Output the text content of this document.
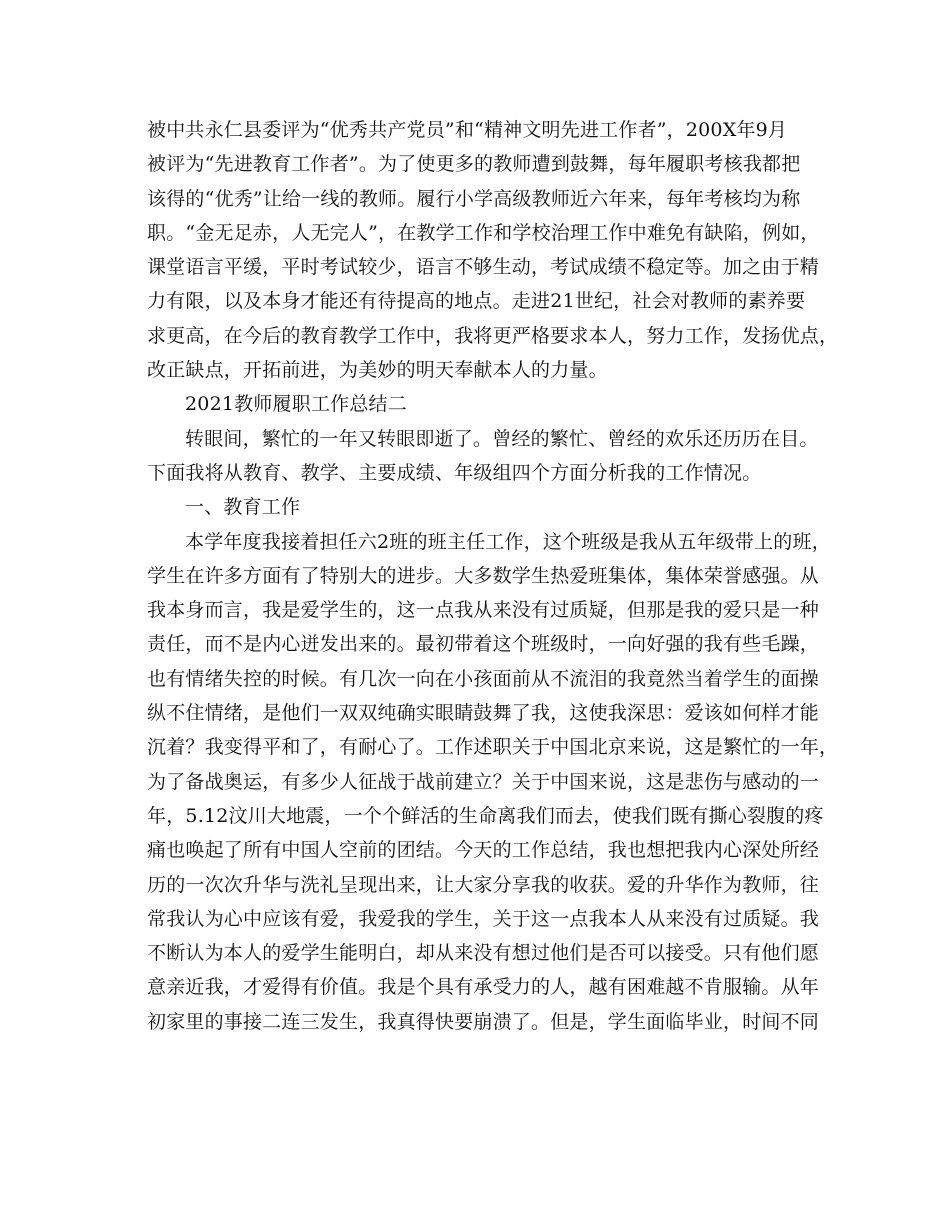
被中共永仁县委评为“优秀共产党员”和“精神文明先进工作者”，200X年9月
被评为“先进教育工作者”。为了使更多的教师遭到鼓舞，每年履职考核我都把
该得的“优秀”让给一线的教师。履行小学高级教师近六年来，每年考核均为称
职。“金无足赤，人无完人”，在教学工作和学校治理工作中难免有缺陷，例如，
课堂语言平缓，平时考试较少，语言不够生动，考试成绩不稳定等。加之由于精
力有限，以及本身才能还有待提高的地点。走进21世纪，社会对教师的素养要
求更高，在今后的教育教学工作中，我将更严格要求本人，努力工作，发扬优点，
改正缺点，开拓前进，为美妙的明天奉献本人的力量。
2021教师履职工作总结二
转眼间，繁忙的一年又转眼即逝了。曾经的繁忙、曾经的欢乐还历历在目。
下面我将从教育、教学、主要成绩、年级组四个方面分析我的工作情况。
一、教育工作
本学年度我接着担任六2班的班主任工作，这个班级是我从五年级带上的班，
学生在许多方面有了特别大的进步。大多数学生热爱班集体，集体荣誉感强。从
我本身而言，我是爱学生的，这一点我从来没有过质疑，但那是我的爱只是一种
责任，而不是内心迸发出来的。最初带着这个班级时，一向好强的我有些毛躁，
也有情绪失控的时候。有几次一向在小孩面前从不流泪的我竟然当着学生的面操
纵不住情绪，是他们一双双纯确实眼睛鼓舞了我，这使我深思：爱该如何样才能
沉着？我变得平和了，有耐心了。工作述职关于中国北京来说，这是繁忙的一年，
为了备战奥运，有多少人征战于战前建立？关于中国来说，这是悲伤与感动的一
年，5.12汶川大地震，一个个鲜活的生命离我们而去，使我们既有撕心裂腹的疼
痛也唤起了所有中国人空前的团结。今天的工作总结，我也想把我内心深处所经
历的一次次升华与洗礼呈现出来，让大家分享我的收获。爱的升华作为教师，往
常我认为心中应该有爱，我爱我的学生，关于这一点我本人从来没有过质疑。我
不断认为本人的爱学生能明白，却从来没有想过他们是否可以接受。只有他们愿
意亲近我，才爱得有价值。我是个具有承受力的人，越有困难越不肯服输。从年
初家里的事接二连三发生，我真得快要崩溃了。但是，学生面临毕业，时间不同
